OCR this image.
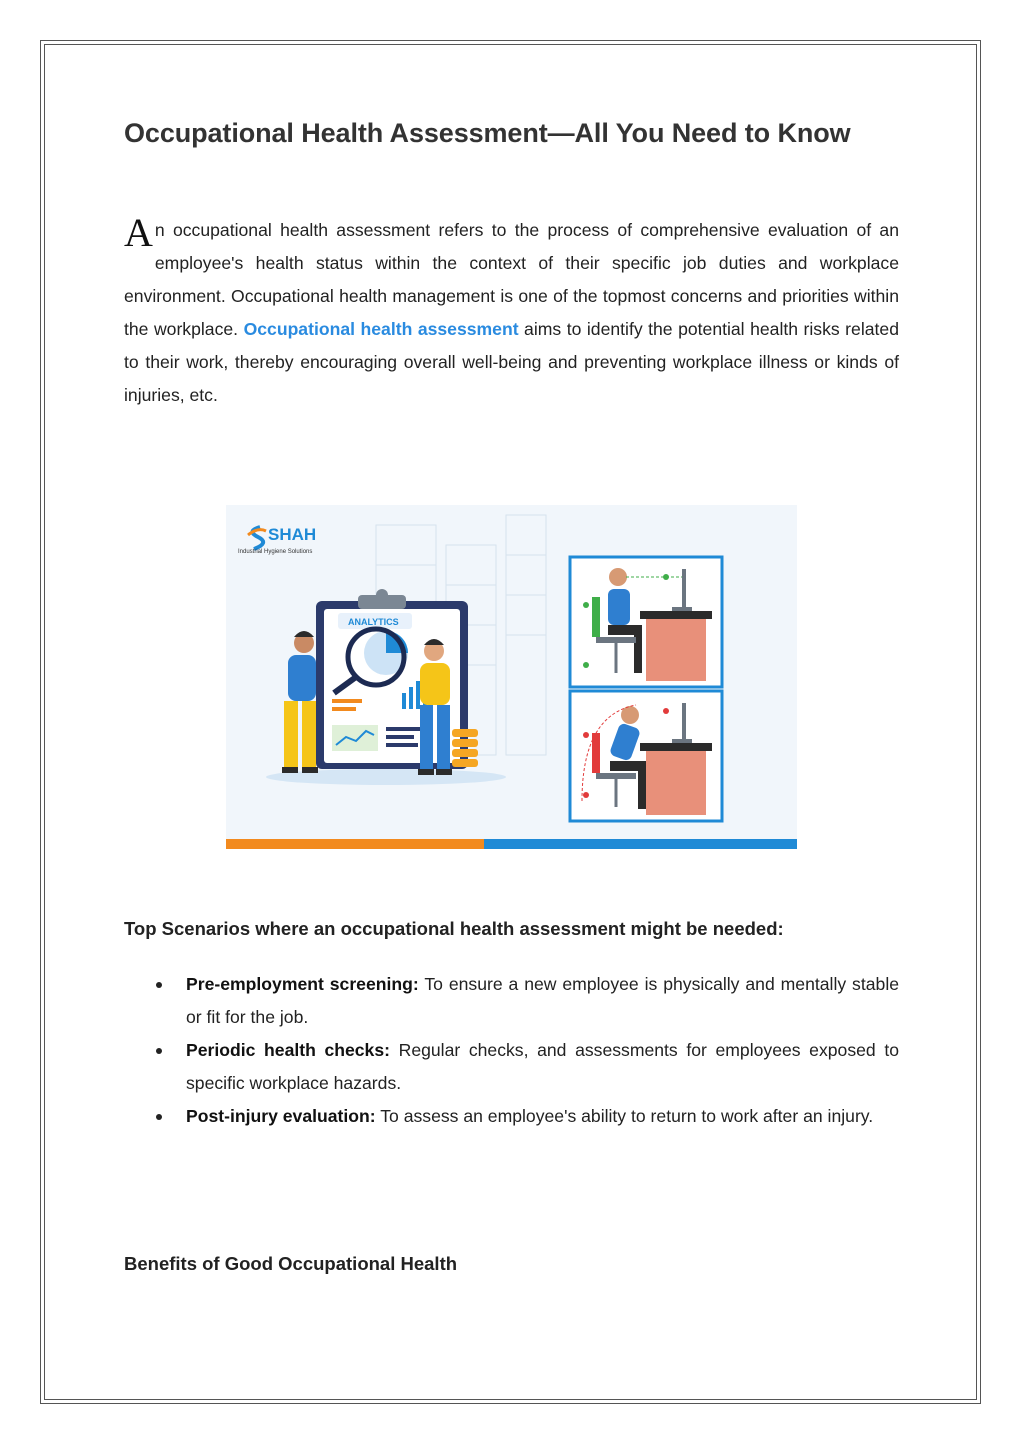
Occupational Health Assessment—All You Need to Know

An occupational health assessment refers to the process of comprehensive evaluation of an employee's health status within the context of their specific job duties and workplace environment. Occupational health management is one of the topmost concerns and priorities within the workplace. Occupational health assessment aims to identify the potential health risks related to their work, thereby encouraging overall well-being and preventing workplace illness or kinds of injuries, etc.

SHAH
Industrial Hygiene Solutions
ANALYTICS
Top Scenarios where an occupational health assessment might be needed:
Pre-employment screening: To ensure a new employee is physically and mentally stable or fit for the job.
Periodic health checks: Regular checks, and assessments for employees exposed to specific workplace hazards.
Post-injury evaluation: To assess an employee's ability to return to work after an injury.
Benefits of Good Occupational Health
